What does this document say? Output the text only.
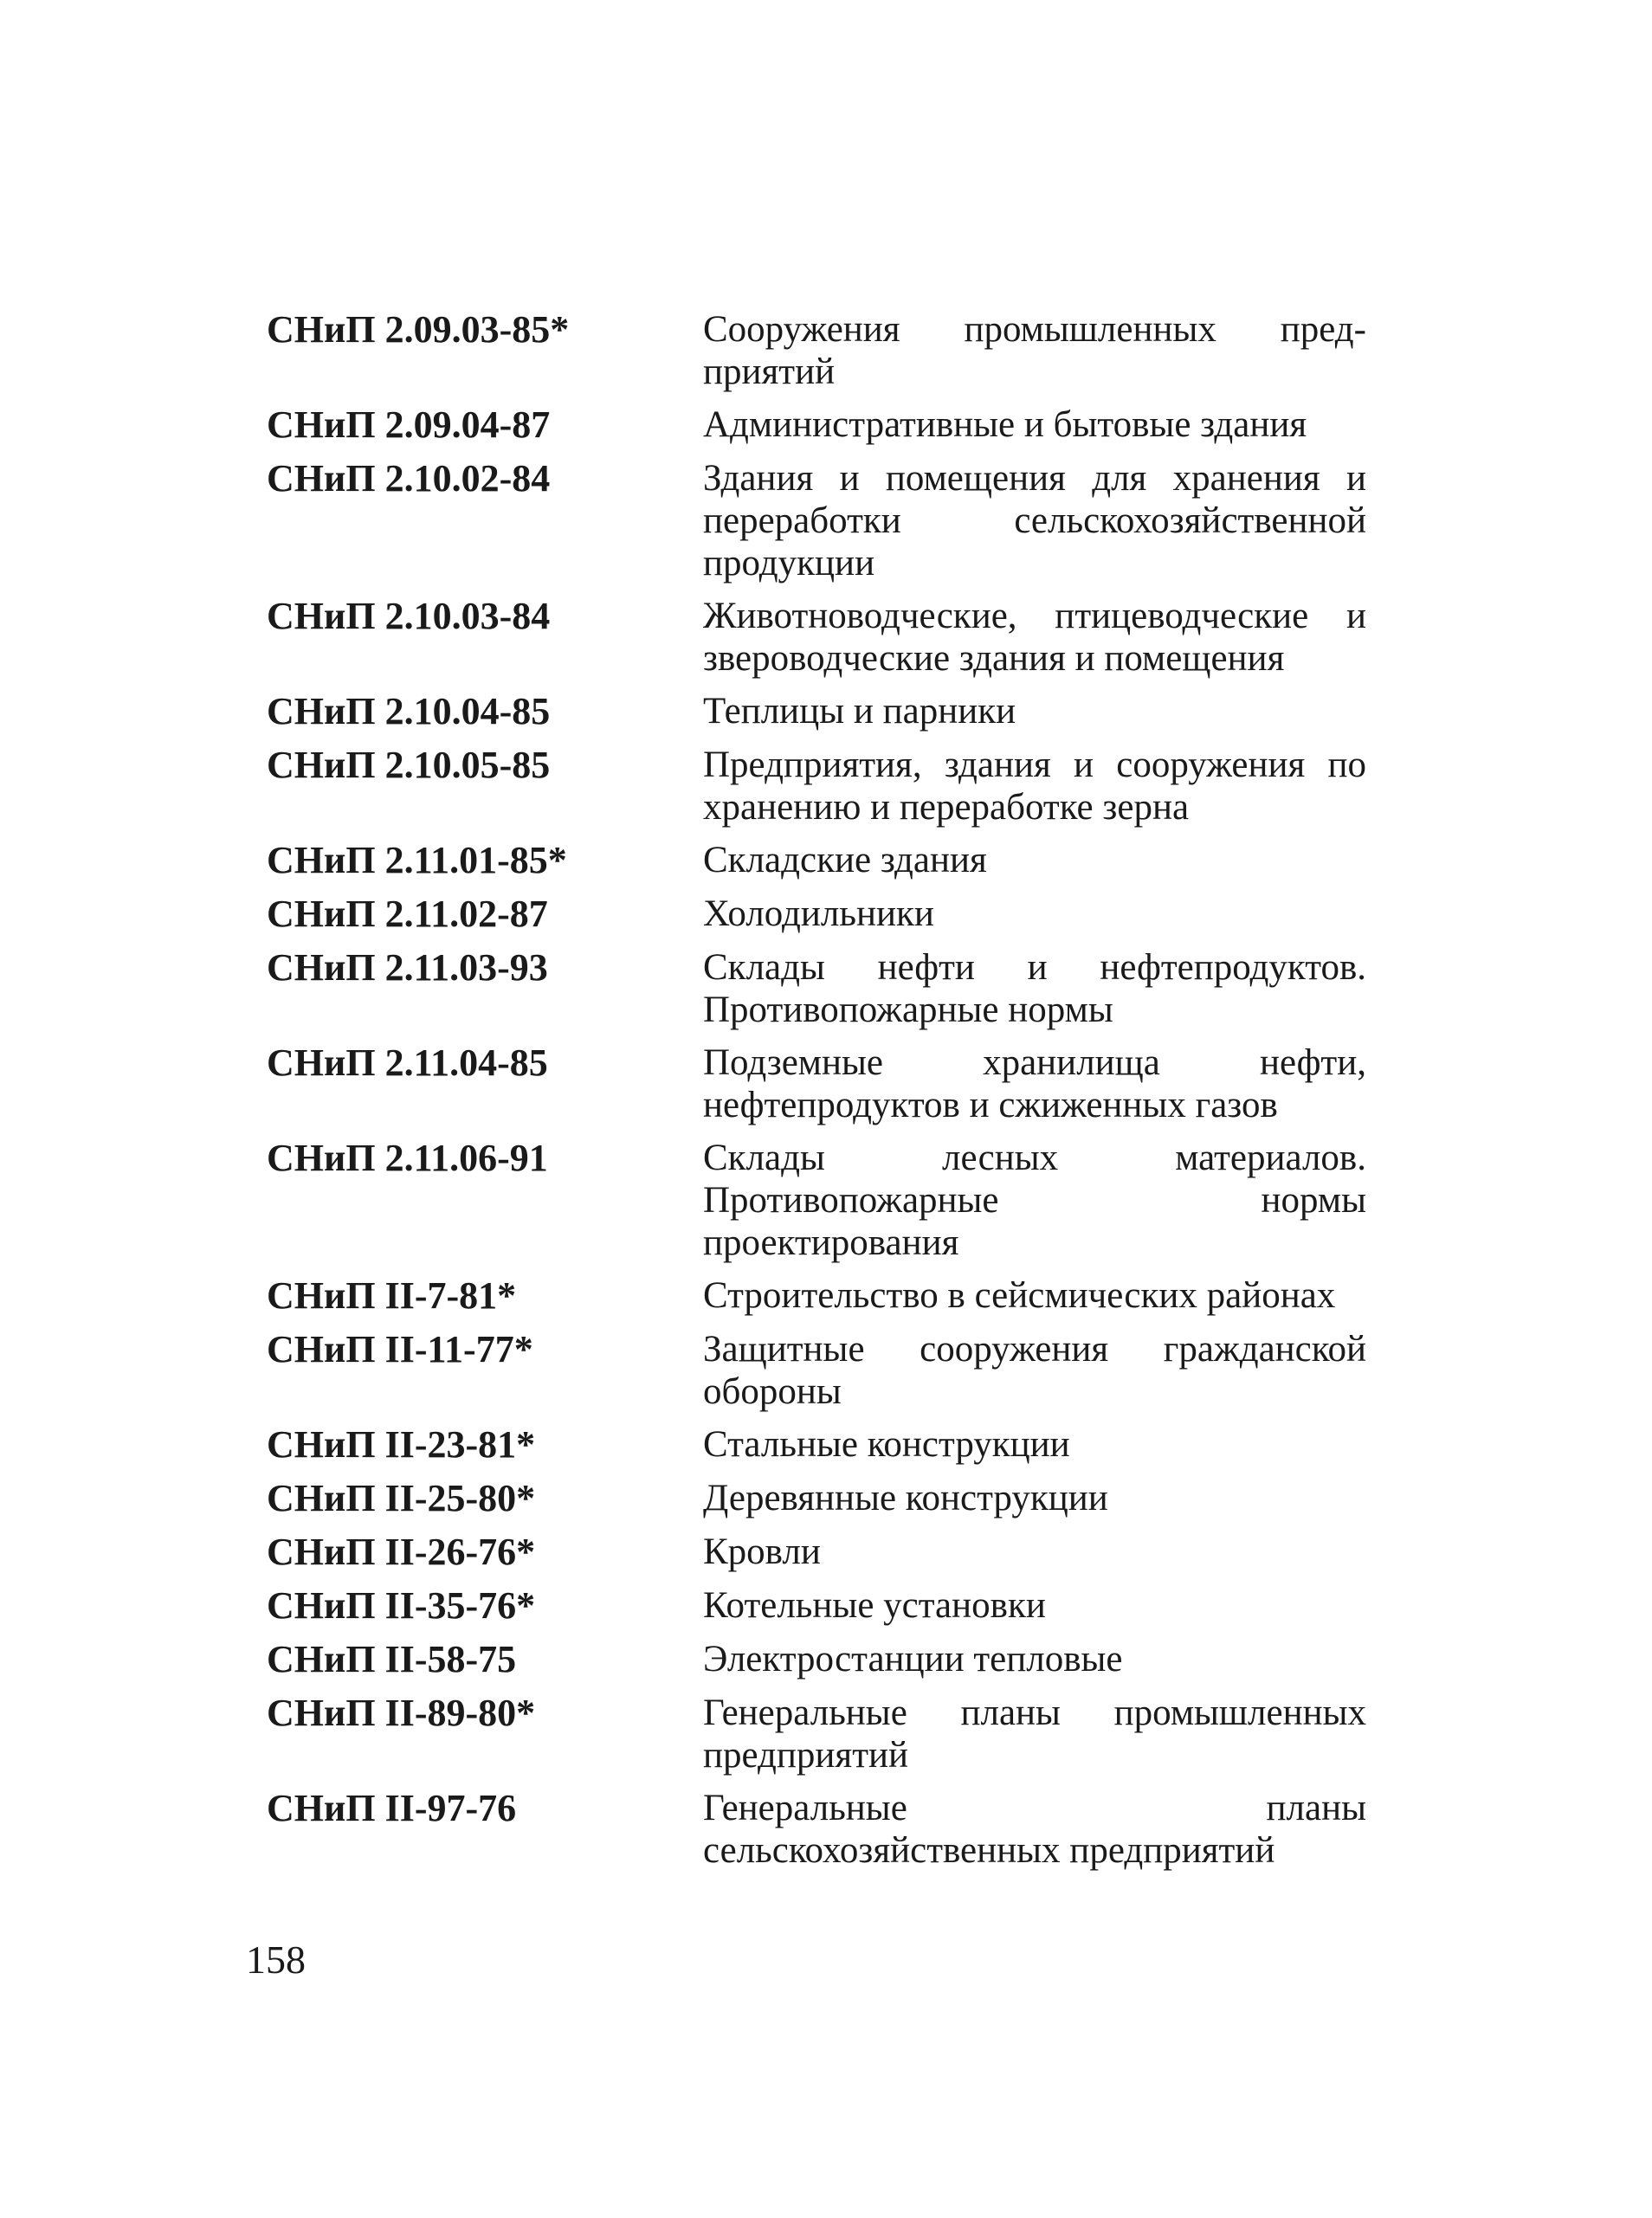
СНиП 2.09.03-85*	Сооружения промышленных пред-приятий
СНиП 2.09.04-87	Административные и бытовые здания
СНиП 2.10.02-84	Здания и помещения для хранения и переработки сельскохозяйственной продукции
СНиП 2.10.03-84	Животноводческие, птицеводческие и звероводческие здания и помещения
СНиП 2.10.04-85	Теплицы и парники
СНиП 2.10.05-85	Предприятия, здания и сооружения по хранению и переработке зерна
СНиП 2.11.01-85*	Складские здания
СНиП 2.11.02-87	Холодильники
СНиП 2.11.03-93	Склады нефти и нефтепродуктов. Противопожарные нормы
СНиП 2.11.04-85	Подземные хранилища нефти, нефтепродуктов и сжиженных газов
СНиП 2.11.06-91	Склады лесных материалов. Противопожарные нормы проектирования
СНиП II-7-81*	Строительство в сейсмических районах
СНиП II-11-77*	Защитные сооружения гражданской обороны
СНиП II-23-81*	Стальные конструкции
СНиП II-25-80*	Деревянные конструкции
СНиП II-26-76*	Кровли
СНиП II-35-76*	Котельные установки
СНиП II-58-75	Электростанции тепловые
СНиП II-89-80*	Генеральные планы промышленных предприятий
СНиП II-97-76	Генеральные планы сельскохозяйственных предприятий
158
